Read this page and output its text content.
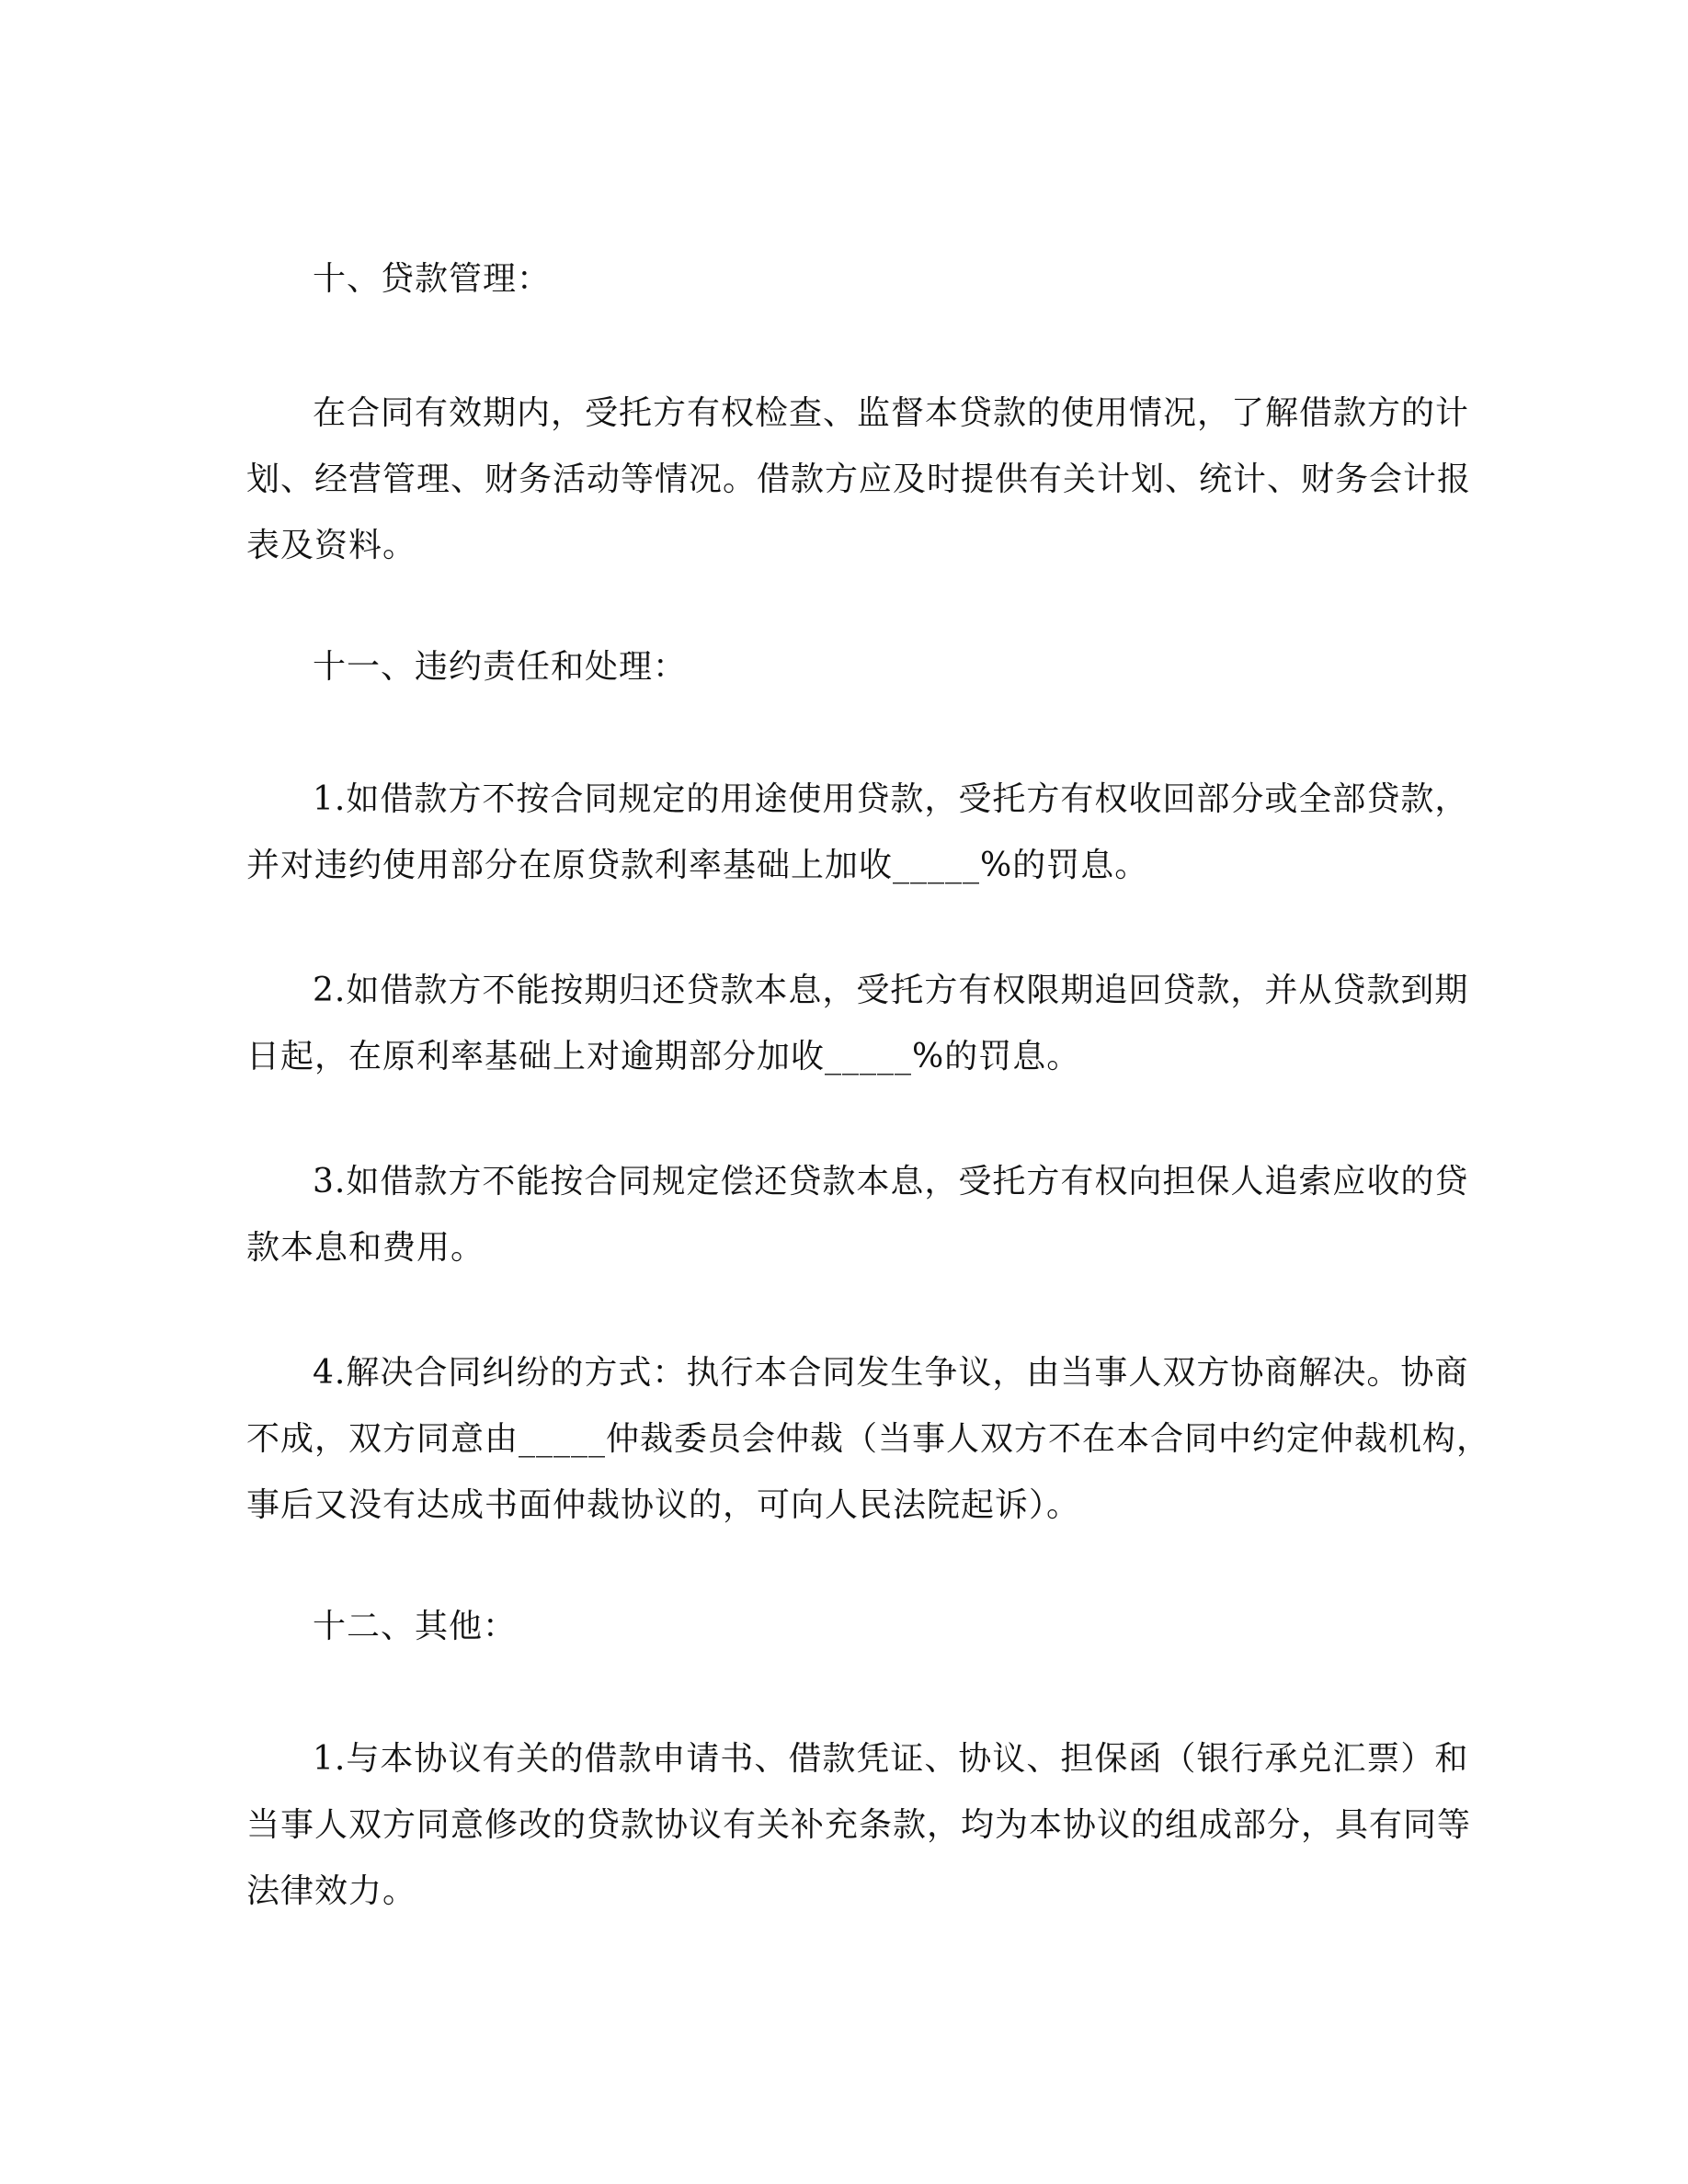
十、贷款管理：

在合同有效期内，受托方有权检查、监督本贷款的使用情况，了解借款方的计
划、经营管理、财务活动等情况。借款方应及时提供有关计划、统计、财务会计报
表及资料。

十一、违约责任和处理：

1.如借款方不按合同规定的用途使用贷款，受托方有权收回部分或全部贷款，
并对违约使用部分在原贷款利率基础上加收_____%的罚息。
2.如借款方不能按期归还贷款本息，受托方有权限期追回贷款，并从贷款到期
日起，在原利率基础上对逾期部分加收_____%的罚息。
3.如借款方不能按合同规定偿还贷款本息，受托方有权向担保人追索应收的贷
款本息和费用。
4.解决合同纠纷的方式：执行本合同发生争议，由当事人双方协商解决。协商
不成，双方同意由_____仲裁委员会仲裁（当事人双方不在本合同中约定仲裁机构，
事后又没有达成书面仲裁协议的，可向人民法院起诉）。

十二、其他：

1.与本协议有关的借款申请书、借款凭证、协议、担保函（银行承兑汇票）和
当事人双方同意修改的贷款协议有关补充条款，均为本协议的组成部分，具有同等
法律效力。
